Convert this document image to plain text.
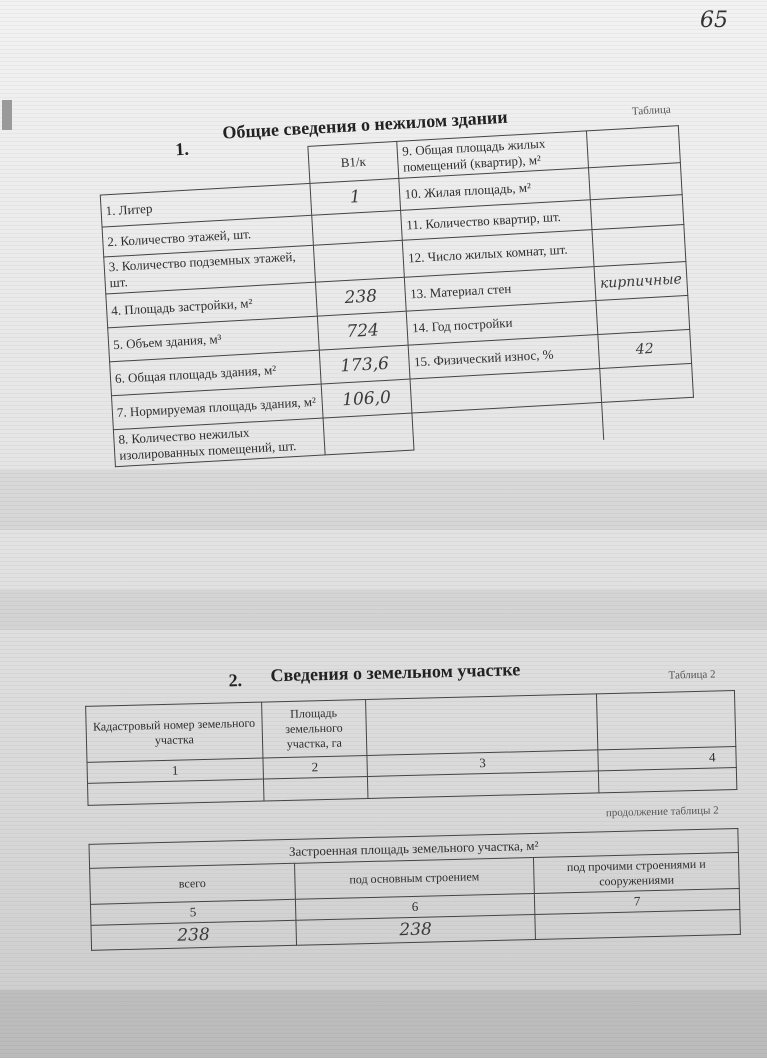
65
1.
Общие сведения о нежилом здании	Таблица
	В1/к	9. Общая площадь жилых помещений (квартир), м²	
1. Литер	1	10. Жилая площадь, м²	
2. Количество этажей, шт.		11. Количество квартир, шт.	
3. Количество подземных этажей, шт.		12. Число жилых комнат, шт.	
4. Площадь застройки, м²	238	13. Материал стен	кирпичные
5. Объем здания, м³	724	14. Год постройки	
6. Общая площадь здания, м²	173,6	15. Физический износ, %	42
7. Нормируемая площадь здания, м²	106,0		
8. Количество нежилых изолированных помещений, шт.			
2. Сведения о земельном участке	Таблица 2
Кадастровый номер земельного участка	Площадь земельного участка, га		
1	2	3	4

продолжение таблицы 2
Застроенная площадь земельного участка, м²		
всего	под основным строением	под прочими строениями и сооружениями
5	6	7
238	238	
